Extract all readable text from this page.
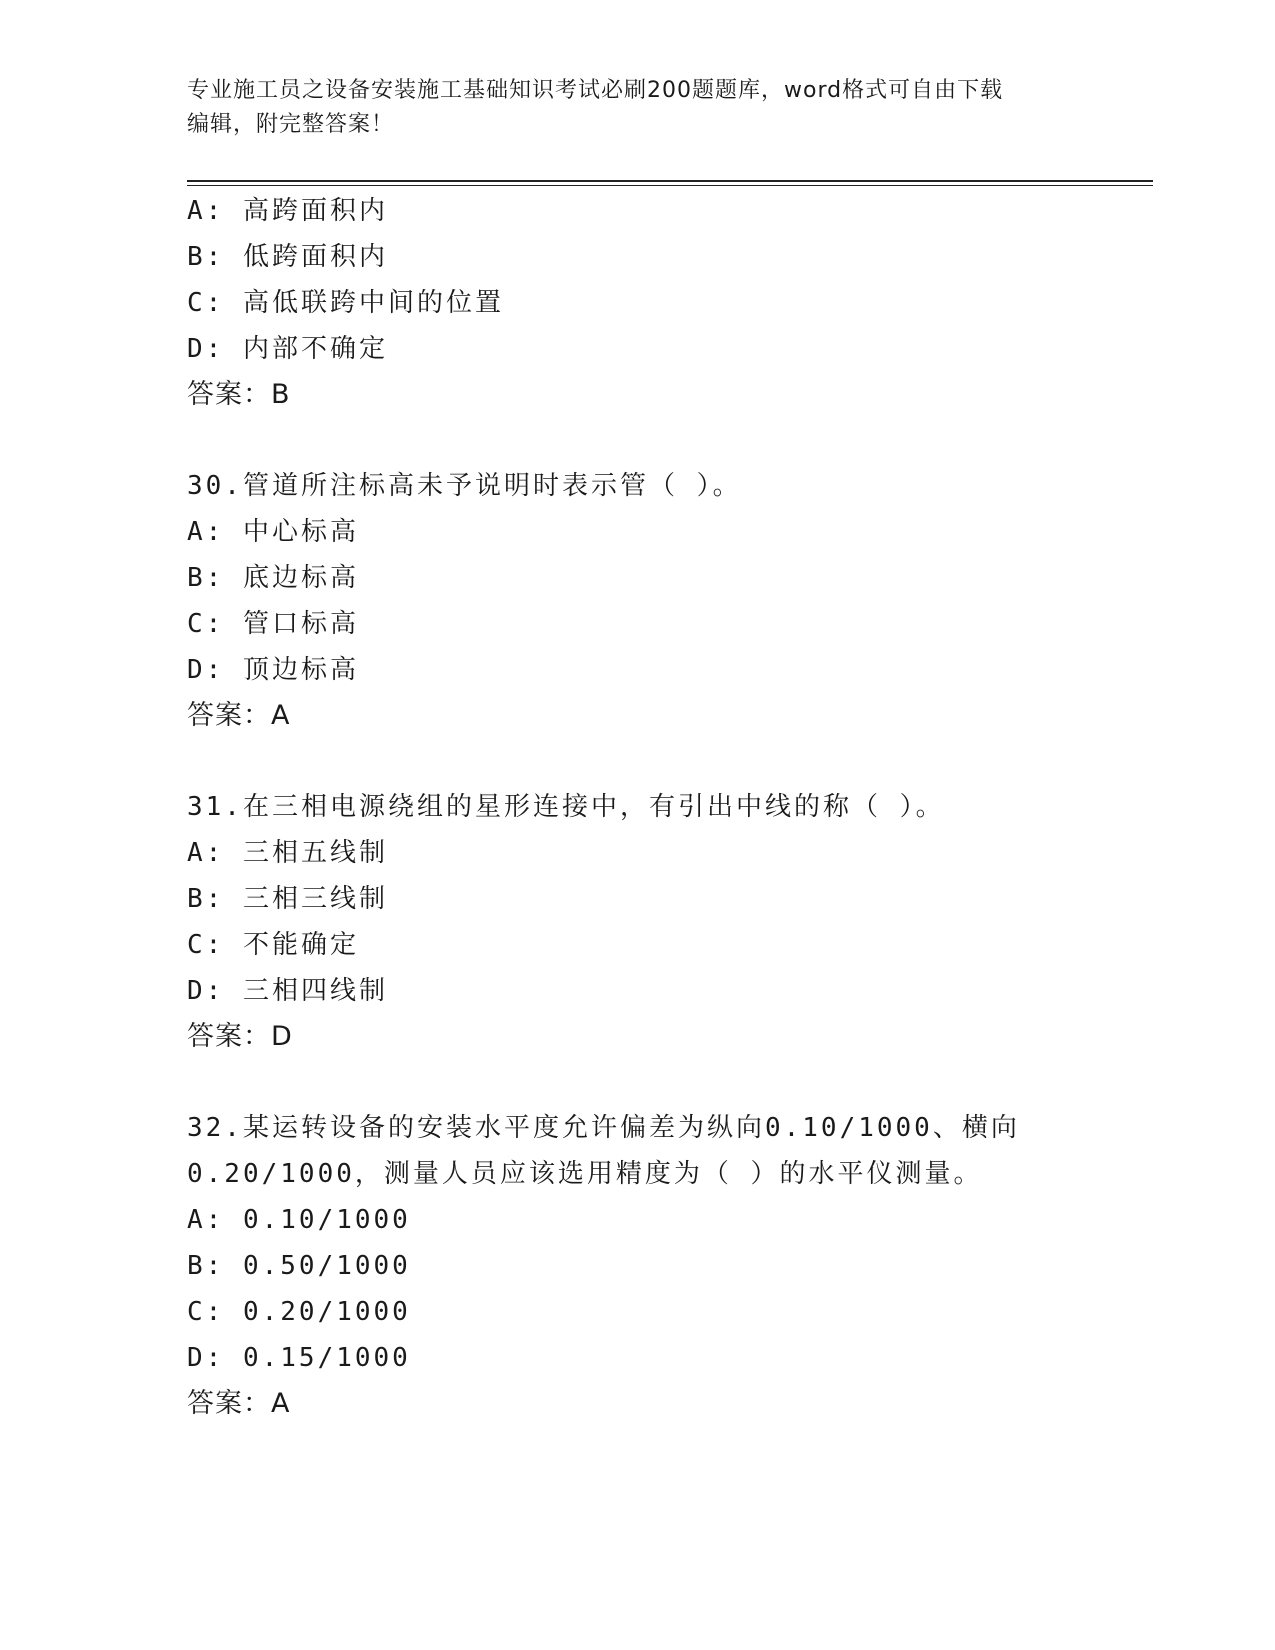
专业施工员之设备安装施工基础知识考试必刷200题题库，word格式可自由下载
编辑，附完整答案！
A: 高跨面积内
B: 低跨面积内
C: 高低联跨中间的位置
D: 内部不确定
答案：B
30.管道所注标高未予说明时表示管（ ）。
A: 中心标高
B: 底边标高
C: 管口标高
D: 顶边标高
答案：A
31.在三相电源绕组的星形连接中，有引出中线的称（ ）。
A: 三相五线制
B: 三相三线制
C: 不能确定
D: 三相四线制
答案：D
32.某运转设备的安装水平度允许偏差为纵向0.10/1000、横向
0.20/1000，测量人员应该选用精度为（ ）的水平仪测量。
A: 0.10/1000
B: 0.50/1000
C: 0.20/1000
D: 0.15/1000
答案：A
